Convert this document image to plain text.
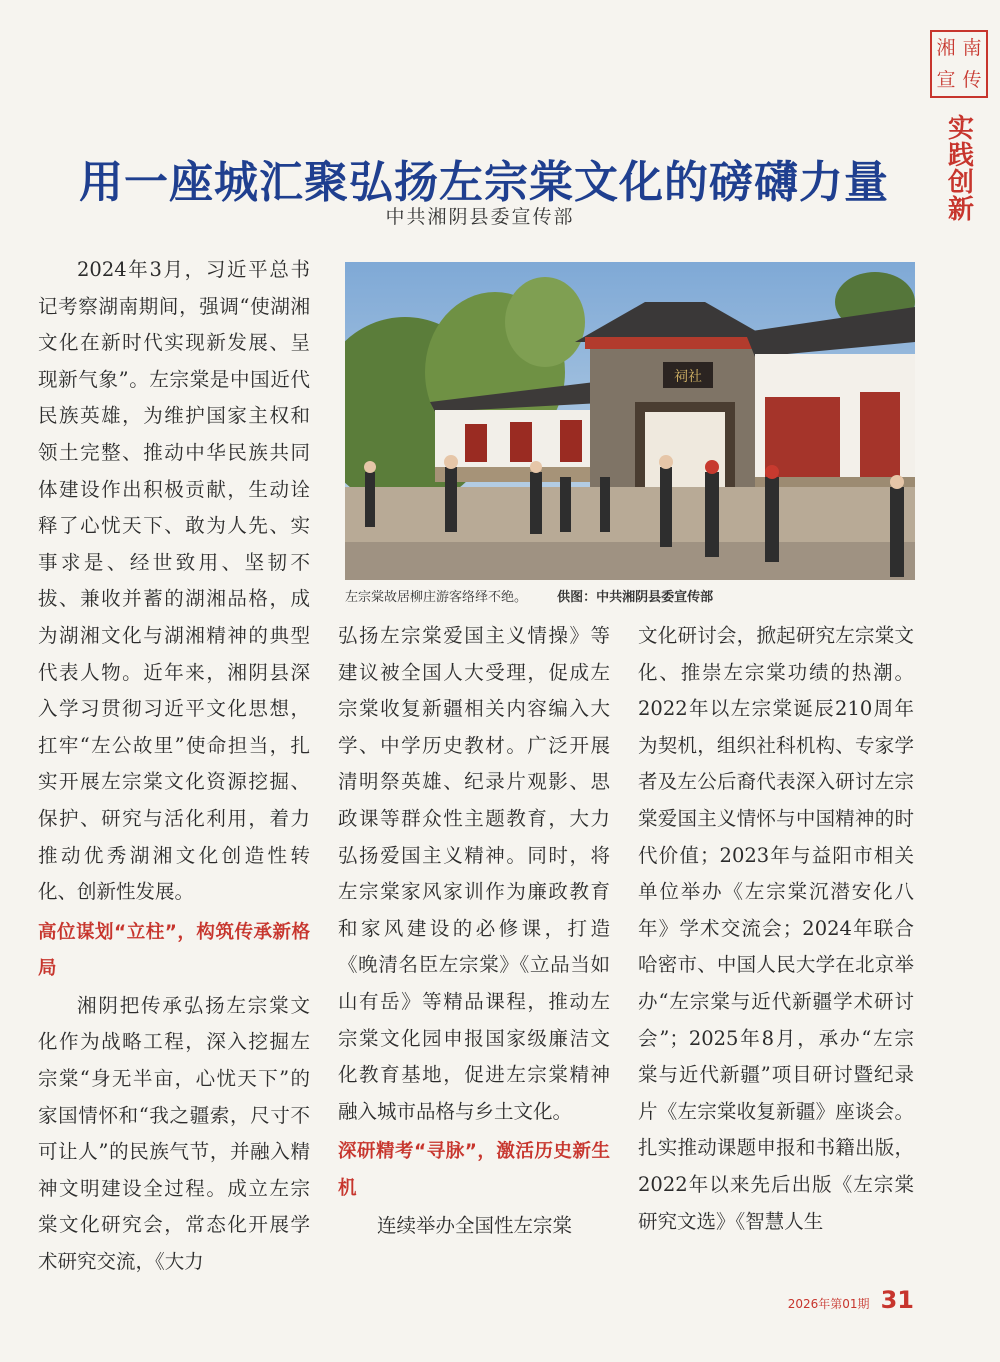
湘 南
宣 传
实践创新
用一座城汇聚弘扬左宗棠文化的磅礴力量
中共湘阴县委宣传部
祠社
左宗棠故居柳庄游客络绎不绝。 供图：中共湘阴县委宣传部

2024年3月，习近平总书记考察湖南期间，强调“使湖湘文化在新时代实现新发展、呈现新气象”。左宗棠是中国近代民族英雄，为维护国家主权和领土完整、推动中华民族共同体建设作出积极贡献，生动诠释了心忧天下、敢为人先、实事求是、经世致用、坚韧不拔、兼收并蓄的湖湘品格，成为湖湘文化与湖湘精神的典型代表人物。近年来，湘阴县深入学习贯彻习近平文化思想，扛牢“左公故里”使命担当，扎实开展左宗棠文化资源挖掘、保护、研究与活化利用，着力推动优秀湖湘文化创造性转化、创新性发展。

高位谋划“立柱”，构筑传承新格局

湘阴把传承弘扬左宗棠文化作为战略工程，深入挖掘左宗棠“身无半亩，心忧天下”的家国情怀和“我之疆索，尺寸不可让人”的民族气节，并融入精神文明建设全过程。成立左宗棠文化研究会，常态化开展学术研究交流，《大力

弘扬左宗棠爱国主义情操》等建议被全国人大受理，促成左宗棠收复新疆相关内容编入大学、中学历史教材。广泛开展清明祭英雄、纪录片观影、思政课等群众性主题教育，大力弘扬爱国主义精神。同时，将左宗棠家风家训作为廉政教育和家风建设的必修课，打造《晚清名臣左宗棠》《立品当如山有岳》等精品课程，推动左宗棠文化园申报国家级廉洁文化教育基地，促进左宗棠精神融入城市品格与乡土文化。

深研精考“寻脉”，激活历史新生机

连续举办全国性左宗棠

文化研讨会，掀起研究左宗棠文化、推崇左宗棠功绩的热潮。2022年以左宗棠诞辰210周年为契机，组织社科机构、专家学者及左公后裔代表深入研讨左宗棠爱国主义情怀与中国精神的时代价值；2023年与益阳市相关单位举办《左宗棠沉潜安化八年》学术交流会；2024年联合哈密市、中国人民大学在北京举办“左宗棠与近代新疆学术研讨会”；2025年8月，承办“左宗棠与近代新疆”项目研讨暨纪录片《左宗棠收复新疆》座谈会。扎实推动课题申报和书籍出版，2022年以来先后出版《左宗棠研究文选》《智慧人生

2026年第01期 31
